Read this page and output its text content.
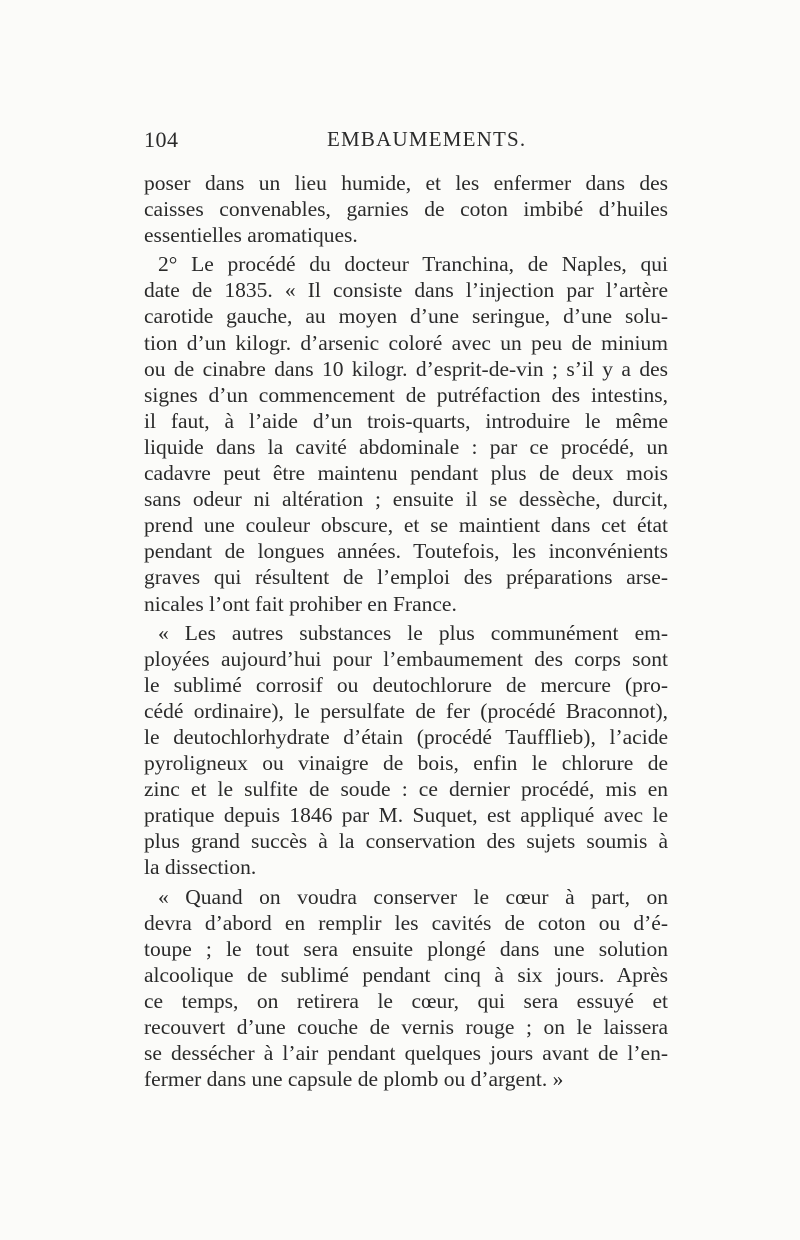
104	EMBAUMEMENTS.
poser dans un lieu humide, et les enfermer dans des
caisses convenables, garnies de coton imbibé d’huiles
essentielles aromatiques.
2° Le procédé du docteur Tranchina, de Naples, qui
date de 1835. « Il consiste dans l’injection par l’artère
carotide gauche, au moyen d’une seringue, d’une solu-
tion d’un kilogr. d’arsenic coloré avec un peu de minium
ou de cinabre dans 10 kilogr. d’esprit-de-vin ; s’il y a des
signes d’un commencement de putréfaction des intestins,
il faut, à l’aide d’un trois-quarts, introduire le même
liquide dans la cavité abdominale : par ce procédé, un
cadavre peut être maintenu pendant plus de deux mois
sans odeur ni altération ; ensuite il se dessèche, durcit,
prend une couleur obscure, et se maintient dans cet état
pendant de longues années. Toutefois, les inconvénients
graves qui résultent de l’emploi des préparations arse-
nicales l’ont fait prohiber en France.
« Les autres substances le plus communément em-
ployées aujourd’hui pour l’embaumement des corps sont
le sublimé corrosif ou deutochlorure de mercure (pro-
cédé ordinaire), le persulfate de fer (procédé Braconnot),
le deutochlorhydrate d’étain (procédé Taufflieb), l’acide
pyroligneux ou vinaigre de bois, enfin le chlorure de
zinc et le sulfite de soude : ce dernier procédé, mis en
pratique depuis 1846 par M. Suquet, est appliqué avec le
plus grand succès à la conservation des sujets soumis à
la dissection.
« Quand on voudra conserver le cœur à part, on
devra d’abord en remplir les cavités de coton ou d’é-
toupe ; le tout sera ensuite plongé dans une solution
alcoolique de sublimé pendant cinq à six jours. Après
ce temps, on retirera le cœur, qui sera essuyé et
recouvert d’une couche de vernis rouge ; on le laissera
se dessécher à l’air pendant quelques jours avant de l’en-
fermer dans une capsule de plomb ou d’argent. »
